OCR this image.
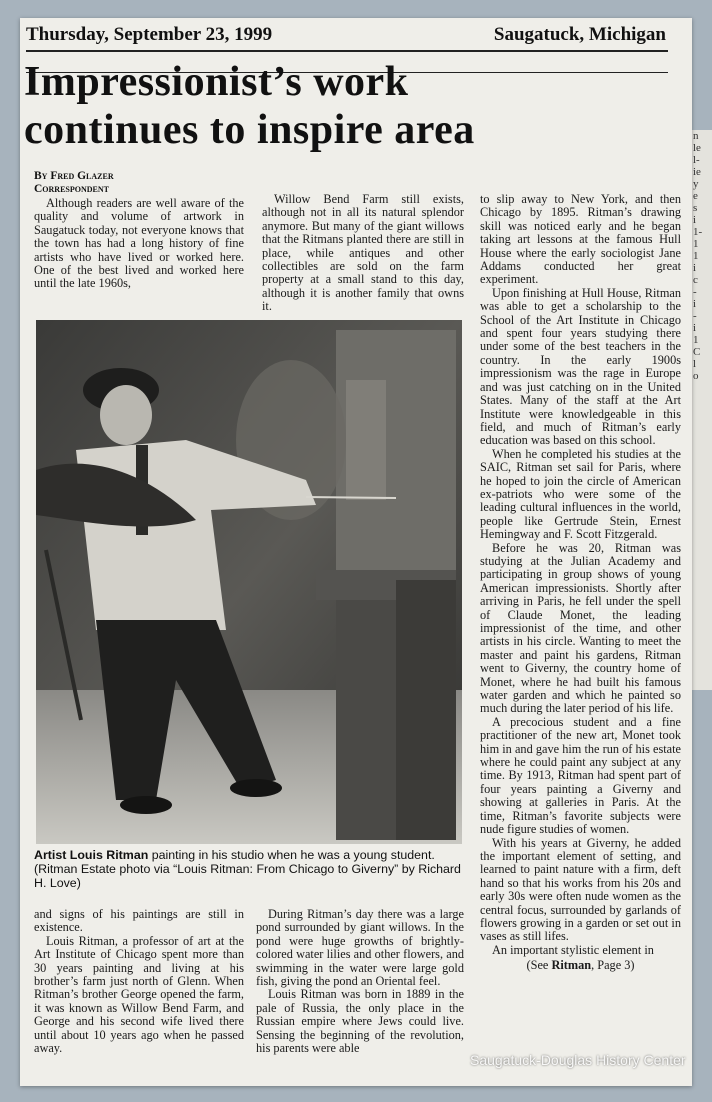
n
le
l-
ie
y
e
s
i
1-
1
1
i
c
-
i
-
i
1
C
l
o
Thursday, September 23, 1999	Saugatuck, Michigan
Impressionist’s work
continues to inspire area
By Fred Glazer
Correspondent

Although readers are well aware of the quality and volume of artwork in Saugatuck today, not everyone knows that the town has had a long history of fine artists who have lived or worked here. One of the best lived and worked here until the late 1960s,

Willow Bend Farm still exists, although not in all its natural splendor anymore. But many of the giant willows that the Ritmans planted there are still in place, while antiques and other collectibles are sold on the farm property at a small stand to this day, although it is another family that owns it.

to slip away to New York, and then Chicago by 1895. Ritman’s drawing skill was noticed early and he began taking art lessons at the famous Hull House where the early sociologist Jane Addams conducted her great experiment.

Upon finishing at Hull House, Ritman was able to get a scholarship to the School of the Art Institute in Chicago and spent four years studying there under some of the best teachers in the country. In the early 1900s impressionism was the rage in Europe and was just catching on in the United States. Many of the staff at the Art Institute were knowledgeable in this field, and much of Ritman’s early education was based on this school.

When he completed his studies at the SAIC, Ritman set sail for Paris, where he hoped to join the circle of American ex-patriots who were some of the leading cultural influences in the world, people like Gertrude Stein, Ernest Hemingway and F. Scott Fitzgerald.

Before he was 20, Ritman was studying at the Julian Academy and participating in group shows of young American impressionists. Shortly after arriving in Paris, he fell under the spell of Claude Monet, the leading impressionist of the time, and other artists in his circle. Wanting to meet the master and paint his gardens, Ritman went to Giverny, the country home of Monet, where he had built his famous water garden and which he painted so much during the later period of his life.

A precocious student and a fine practitioner of the new art, Monet took him in and gave him the run of his estate where he could paint any subject at any time. By 1913, Ritman had spent part of four years painting a Giverny and showing at galleries in Paris. At the time, Ritman’s favorite subjects were nude figure studies of women.

With his years at Giverny, he added the important element of setting, and learned to paint nature with a firm, deft hand so that his works from his 20s and early 30s were often nude women as the central focus, surrounded by garlands of flowers growing in a garden or set out in vases as still lifes.

An important stylistic element in

(See Ritman, Page 3)

Artist Louis Ritman painting in his studio when he was a young student. (Ritman Estate photo via “Louis Ritman: From Chicago to Giverny” by Richard H. Love)

and signs of his paintings are still in existence.

Louis Ritman, a professor of art at the Art Institute of Chicago spent more than 30 years painting and living at his brother’s farm just north of Glenn. When Ritman’s brother George opened the farm, it was known as Willow Bend Farm, and George and his second wife lived there until about 10 years ago when he passed away.

During Ritman’s day there was a large pond surrounded by giant willows. In the pond were huge growths of brightly-colored water lilies and other flowers, and swimming in the water were large gold fish, giving the pond an Oriental feel.

Louis Ritman was born in 1889 in the pale of Russia, the only place in the Russian empire where Jews could live. Sensing the beginning of the revolution, his parents were able

Saugatuck-Douglas History Center
